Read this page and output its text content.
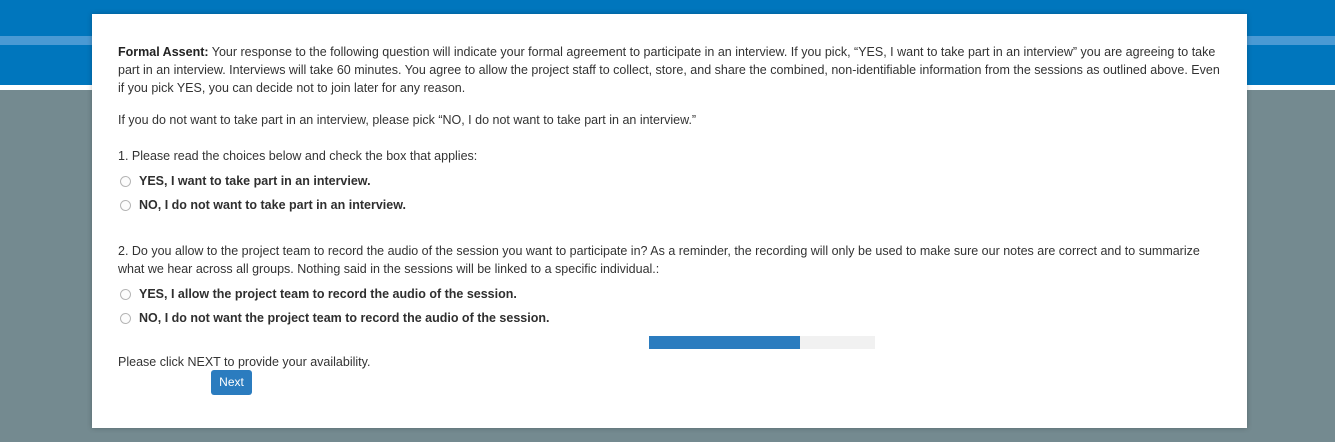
Formal Assent: Your response to the following question will indicate your formal agreement to participate in an interview. If you pick, “YES, I want to take part in an interview” you are agreeing to take part in an interview. Interviews will take 60 minutes. You agree to allow the project staff to collect, store, and share the combined, non-identifiable information from the sessions as outlined above. Even if you pick YES, you can decide not to join later for any reason.

If you do not want to take part in an interview, please pick “NO, I do not want to take part in an interview.”

1. Please read the choices below and check the box that applies:

YES, I want to take part in an interview.
NO, I do not want to take part in an interview.

2. Do you allow to the project team to record the audio of the session you want to participate in? As a reminder, the recording will only be used to make sure our notes are correct and to summarize what we hear across all groups. Nothing said in the sessions will be linked to a specific individual.:

YES, I allow the project team to record the audio of the session.
NO, I do not want the project team to record the audio of the session.

Please click NEXT to provide your availability.

Next
